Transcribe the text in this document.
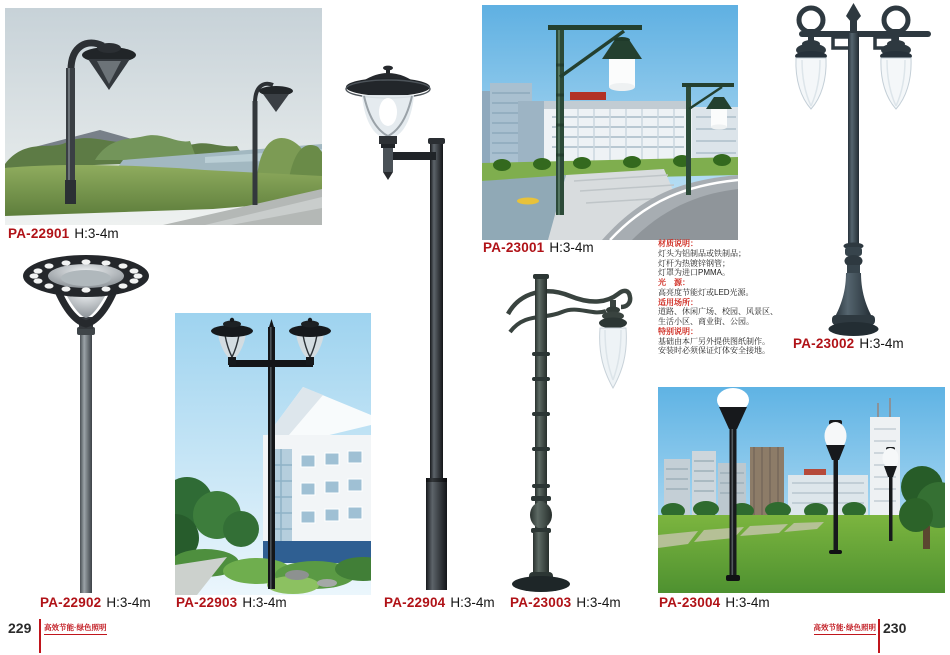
PA-22901 H:3-4m
PA-22902 H:3-4m PA-22903 H:3-4m	PA-22904 H:3-4m
PA-23001 H:3-4m	材质说明：
灯头为铝制品或铁制品；
灯杆为热镀锌钢管；
灯罩为进口PMMA。
光　源：
高亮度节能灯或LED光源。
适用场所：
道路、休闲广场、校园、风景区、
生活小区、商业街、公园。
特别说明：
基础由本厂另外提供图纸制作。
安装时必须保证灯体安全接地。	PA-23002 H:3-4m
PA-23003 H:3-4m	PA-23004 H:3-4m
229 高效节能·绿色照明	高效节能·绿色照明 230
